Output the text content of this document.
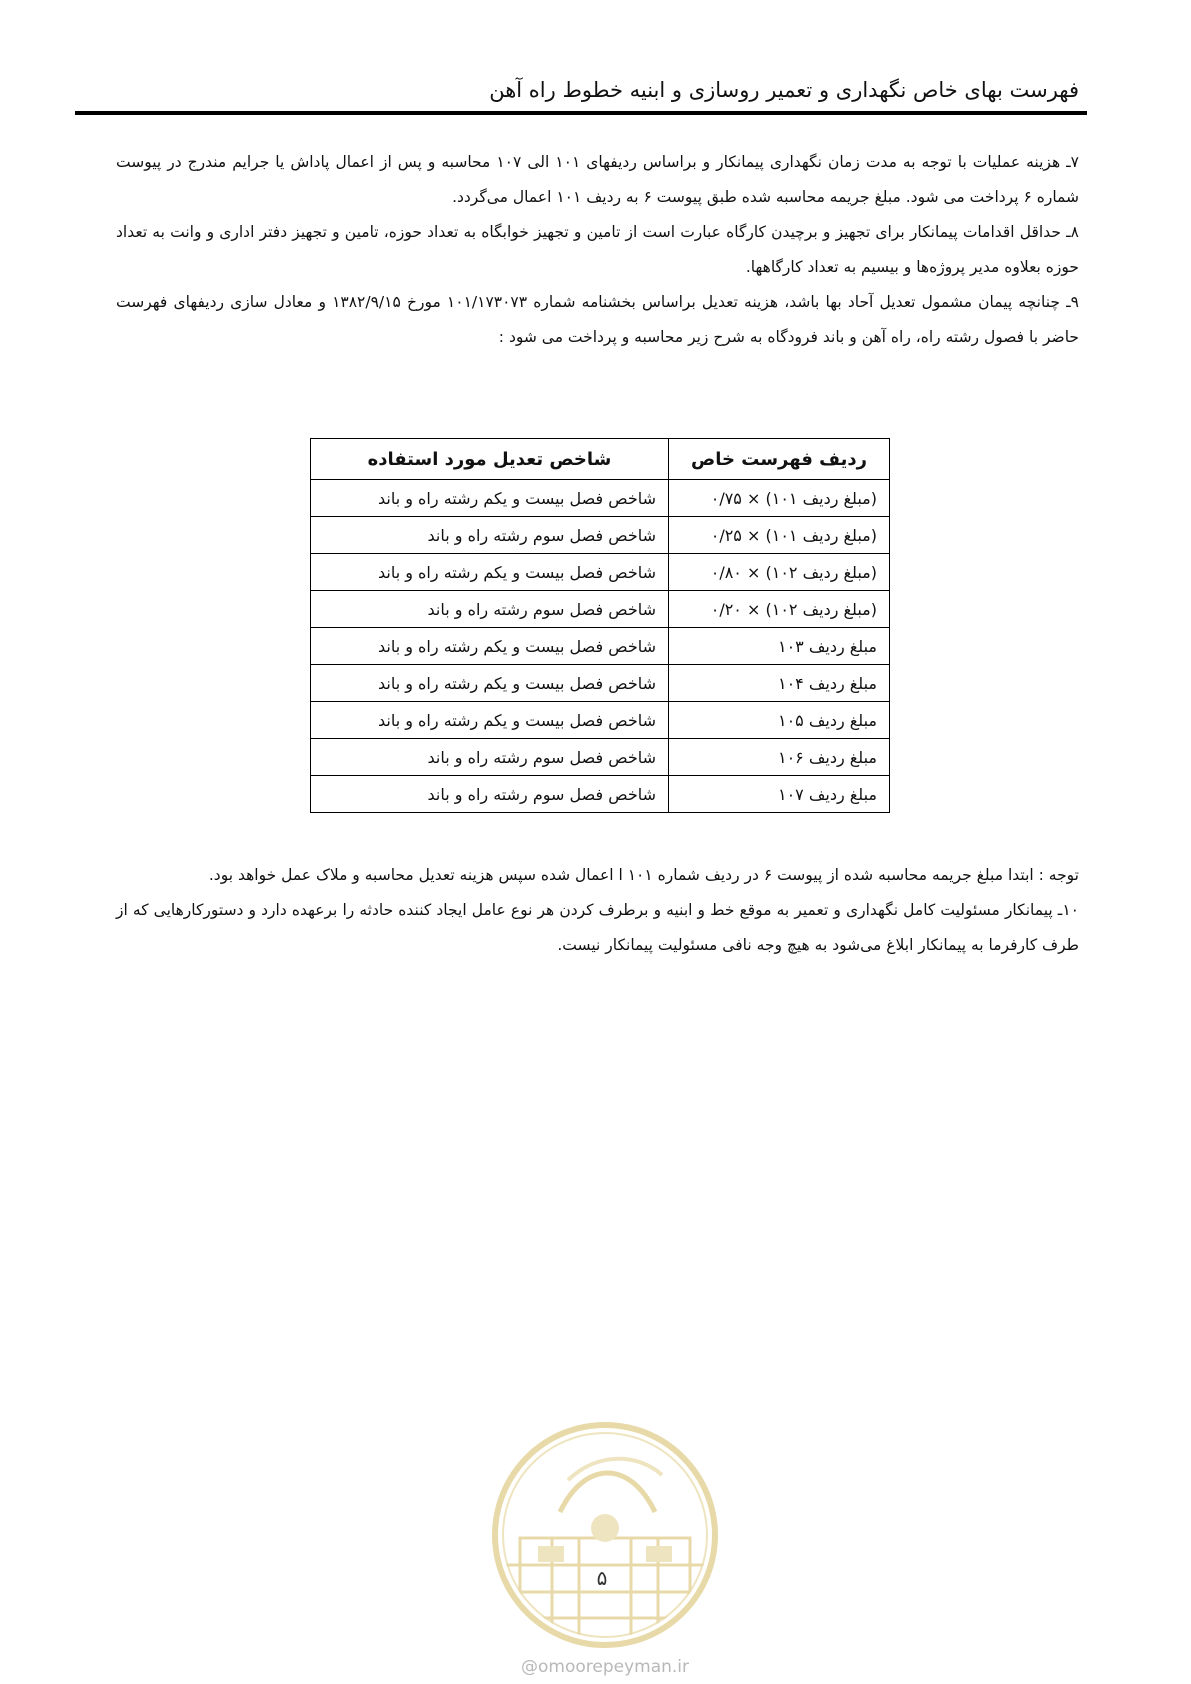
فهرست بهای خاص نگهداری و تعمیر روسازی و ابنیه خطوط راه آهن

۷ـ هزینه عملیات با توجه به مدت زمان نگهداری پیمانکار و براساس ردیفهای ۱۰۱ الی ۱۰۷ محاسبه و پس از اعمال پاداش یا جرایم مندرج در پیوست شماره ۶ پرداخت می شود. مبلغ جریمه محاسبه شده طبق پیوست ۶ به ردیف ۱۰۱ اعمال می‌گردد.

۸ـ حداقل اقدامات پیمانکار برای تجهیز و برچیدن کارگاه عبارت است از تامین و تجهیز خوابگاه به تعداد حوزه، تامین و تجهیز دفتر اداری و وانت به تعداد حوزه بعلاوه مدیر پروژه‌ها و بیسیم به تعداد کارگاهها.

۹ـ چنانچه پیمان مشمول تعدیل آحاد بها باشد، هزینه تعدیل براساس بخشنامه شماره ۱۰۱/۱۷۳۰۷۳ مورخ ۱۳۸۲/۹/۱۵ و معادل سازی ردیفهای فهرست حاضر با فصول رشته راه، راه آهن و باند فرودگاه به شرح زیر محاسبه و پرداخت می شود :

ردیف فهرست خاص	شاخص تعدیل مورد استفاده
(مبلغ ردیف ۱۰۱) × ۰/۷۵	شاخص فصل بیست و یکم رشته راه و باند
(مبلغ ردیف ۱۰۱) × ۰/۲۵	شاخص فصل سوم رشته راه و باند
(مبلغ ردیف ۱۰۲) × ۰/۸۰	شاخص فصل بیست و یکم رشته راه و باند
(مبلغ ردیف ۱۰۲) × ۰/۲۰	شاخص فصل سوم رشته راه و باند
مبلغ ردیف ۱۰۳	شاخص فصل بیست و یکم رشته راه و باند
مبلغ ردیف ۱۰۴	شاخص فصل بیست و یکم رشته راه و باند
مبلغ ردیف ۱۰۵	شاخص فصل بیست و یکم رشته راه و باند
مبلغ ردیف ۱۰۶	شاخص فصل سوم رشته راه و باند
مبلغ ردیف ۱۰۷	شاخص فصل سوم رشته راه و باند

توجه : ابتدا مبلغ جریمه محاسبه شده از پیوست ۶ در ردیف شماره ۱۰۱ ا اعمال شده سپس هزینه تعدیل محاسبه و ملاک عمل خواهد بود.

۱۰ـ پیمانکار مسئولیت کامل نگهداری و تعمیر به موقع خط و ابنیه و برطرف کردن هر نوع عامل ایجاد کننده حادثه را برعهده دارد و دستورکارهایی که از طرف کارفرما به پیمانکار ابلاغ می‌شود به هیچ وجه نافی مسئولیت پیمانکار نیست.

۵
@omoorepeyman.ir
